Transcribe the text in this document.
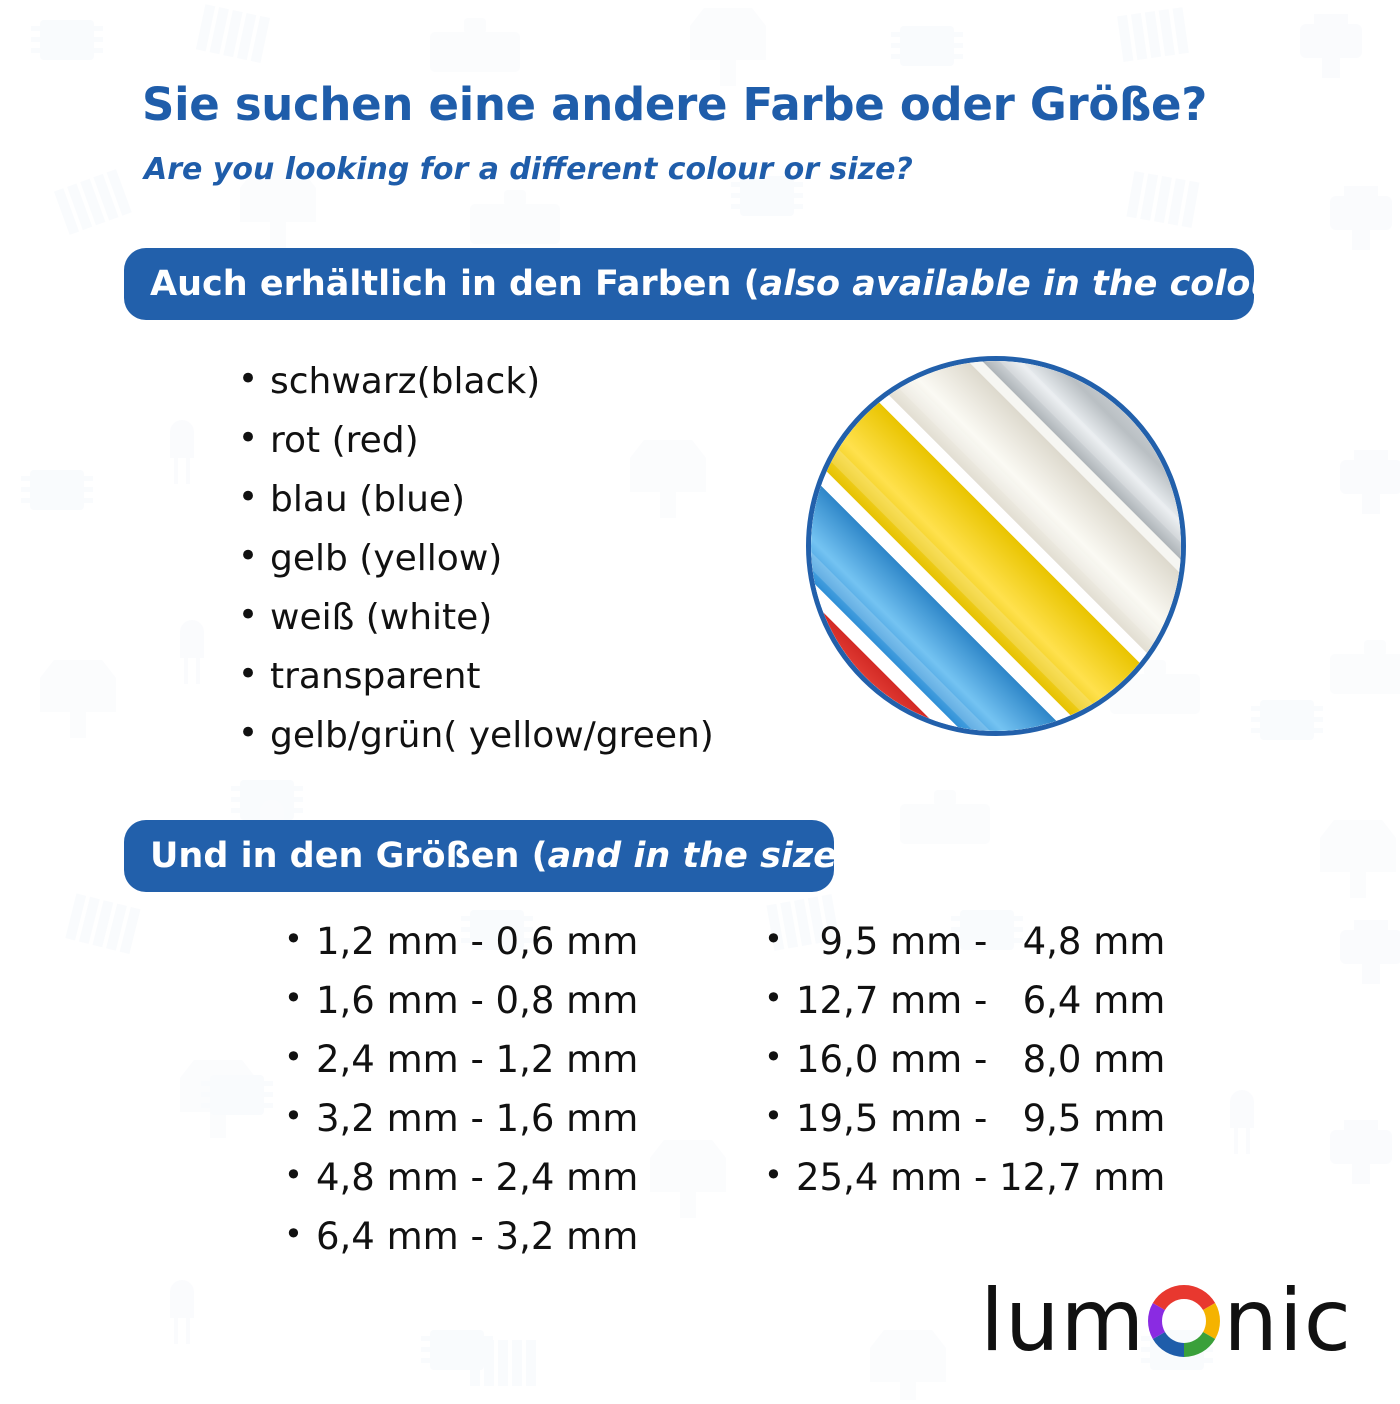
Sie suchen eine andere Farbe oder Größe?
Are you looking for a different colour or size?
Auch erhältlich in den Farben ( also available in the colours ):
• schwarz(black)
• rot (red)
• blau (blue)
• gelb (yellow)
• weiß (white)
• transparent
• gelb/grün( yellow/green)
Und in den Größen ( and in the sizes ):
• 1,2 mm - 0,6 mm
• 1,6 mm - 0,8 mm
• 2,4 mm - 1,2 mm
• 3,2 mm - 1,6 mm
• 4,8 mm - 2,4 mm
• 6,4 mm - 3,2 mm
•   9,5 mm -   4,8 mm
• 12,7 mm -   6,4 mm
• 16,0 mm -   8,0 mm
• 19,5 mm -   9,5 mm
• 25,4 mm - 12,7 mm
lum nic
